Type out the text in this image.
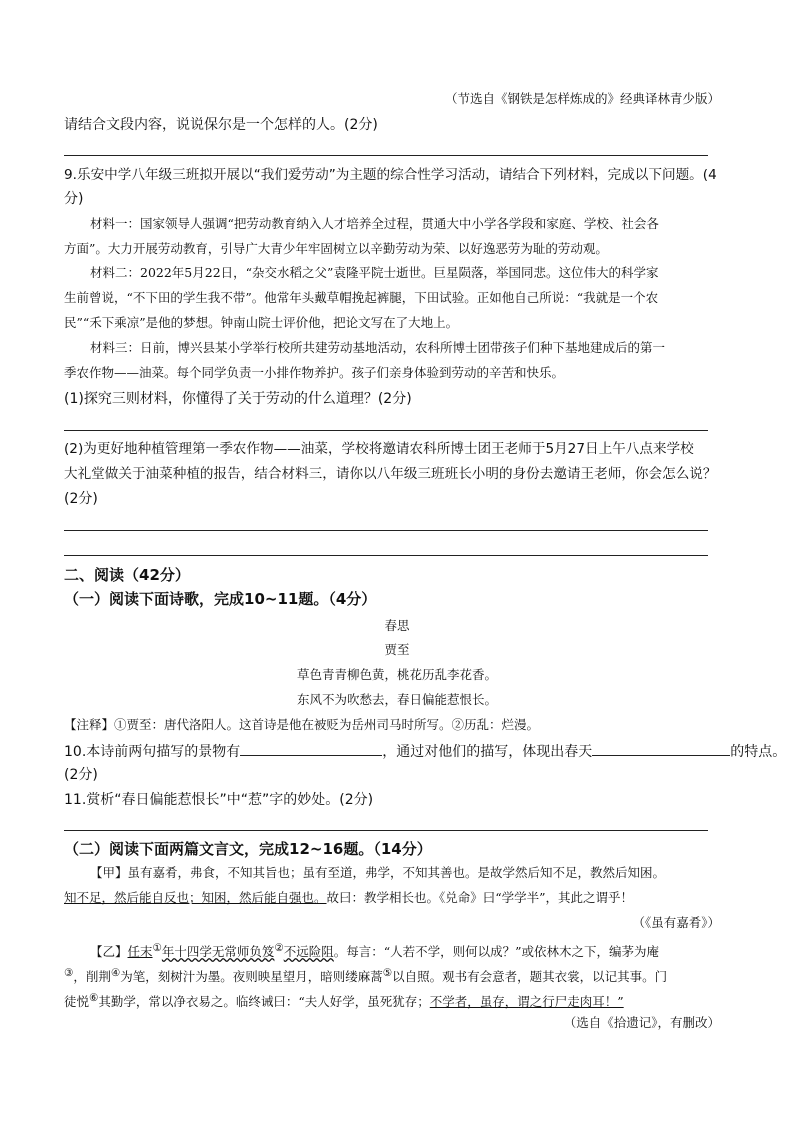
（节选自《钢铁是怎样炼成的》经典译林青少版）
请结合文段内容，说说保尔是一个怎样的人。(2分)
9.乐安中学八年级三班拟开展以“我们爱劳动”为主题的综合性学习活动，请结合下列材料，完成以下问题。(4
分)
材料一：国家领导人强调“把劳动教育纳入人才培养全过程，贯通大中小学各学段和家庭、学校、社会各
方面”。大力开展劳动教育，引导广大青少年牢固树立以辛勤劳动为荣、以好逸恶劳为耻的劳动观。
材料二：2022年5月22日，“杂交水稻之父”袁隆平院士逝世。巨星陨落，举国同悲。这位伟大的科学家
生前曾说，“不下田的学生我不带”。他常年头戴草帽挽起裤腿，下田试验。正如他自己所说：“我就是一个农
民”“禾下乘凉”是他的梦想。钟南山院士评价他，把论文写在了大地上。
材料三：日前，博兴县某小学举行校所共建劳动基地活动，农科所博士团带孩子们种下基地建成后的第一
季农作物——油菜。每个同学负责一小排作物养护。孩子们亲身体验到劳动的辛苦和快乐。
(1)探究三则材料，你懂得了关于劳动的什么道理？(2分)
(2)为更好地种植管理第一季农作物——油菜，学校将邀请农科所博士团王老师于5月27日上午八点来学校
大礼堂做关于油菜种植的报告，结合材料三，请你以八年级三班班长小明的身份去邀请王老师，你会怎么说？
(2分)
二、阅读（42分）
（一）阅读下面诗歌，完成10~11题。（4分）
春思
贾至
草色青青柳色黄，桃花历乱李花香。
东风不为吹愁去，春日偏能惹恨长。
【注释】①贾至：唐代洛阳人。这首诗是他在被贬为岳州司马时所写。②历乱：烂漫。
10.本诗前两句描写的景物有	，通过对他们的描写，体现出春天	的特点。
(2分)
11.赏析“春日偏能惹恨长”中“惹”字的妙处。(2分)
（二）阅读下面两篇文言文，完成12~16题。（14分）
【甲】虽有嘉肴，弗食，不知其旨也；虽有至道，弗学，不知其善也。是故学然后知不足，教然后知困。
知不足，然后能自反也；知困，然后能自强也。故曰：教学相长也。《兑命》曰“学学半”，其此之谓乎！
（《虽有嘉肴》）
【乙】任末①年十四学无常师负笈②不远险阻。每言：“人若不学，则何以成？”或依林木之下，编茅为庵
③，削荆④为笔，刻树汁为墨。夜则映星望月，暗则缕麻蒿⑤以自照。观书有会意者，题其衣裳，以记其事。门
徒悦⑥其勤学，常以净衣易之。临终诫曰：“夫人好学，虽死犹存；不学者，虽存，谓之行尸走肉耳！”
（选自《拾遗记》，有删改）
